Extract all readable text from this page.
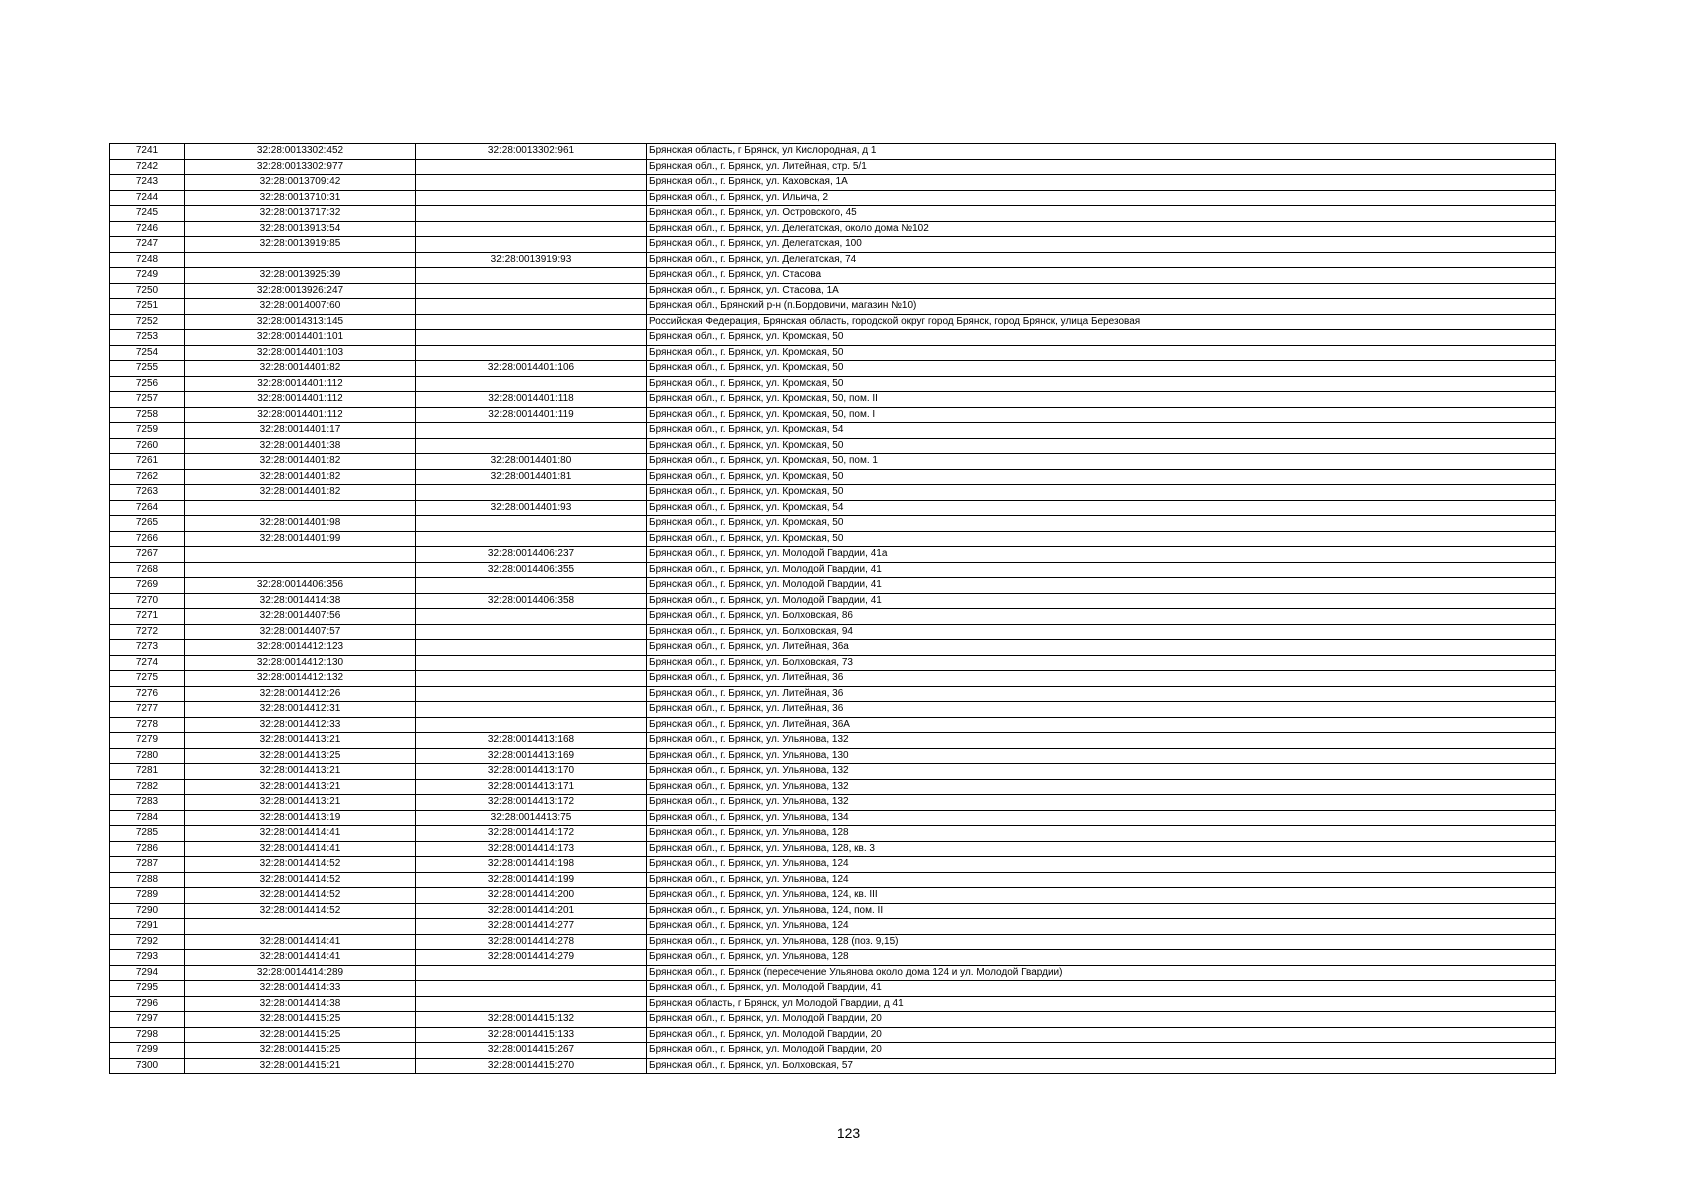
7241	32:28:0013302:452	32:28:0013302:961	Брянская область, г Брянск, ул Кислородная, д 1
7242	32:28:0013302:977		Брянская обл., г. Брянск, ул. Литейная, стр. 5/1
7243	32:28:0013709:42		Брянская обл., г. Брянск, ул. Каховская, 1А
7244	32:28:0013710:31		Брянская обл., г. Брянск, ул. Ильича, 2
7245	32:28:0013717:32		Брянская обл., г. Брянск, ул. Островского, 45
7246	32:28:0013913:54		Брянская обл., г. Брянск, ул. Делегатская, около дома №102
7247	32:28:0013919:85		Брянская обл., г. Брянск, ул. Делегатская, 100
7248		32:28:0013919:93	Брянская обл., г. Брянск, ул. Делегатская, 74
7249	32:28:0013925:39		Брянская обл., г. Брянск, ул. Стасова
7250	32:28:0013926:247		Брянская обл., г. Брянск, ул. Стасова, 1А
7251	32:28:0014007:60		Брянская обл., Брянский р-н (п.Бордовичи, магазин №10)
7252	32:28:0014313:145		Российская Федерация, Брянская область, городской округ город Брянск, город Брянск, улица Березовая
7253	32:28:0014401:101		Брянская обл., г. Брянск, ул. Кромская, 50
7254	32:28:0014401:103		Брянская обл., г. Брянск, ул. Кромская, 50
7255	32:28:0014401:82	32:28:0014401:106	Брянская обл., г. Брянск, ул. Кромская, 50
7256	32:28:0014401:112		Брянская обл., г. Брянск, ул. Кромская, 50
7257	32:28:0014401:112	32:28:0014401:118	Брянская обл., г. Брянск, ул. Кромская, 50, пом. II
7258	32:28:0014401:112	32:28:0014401:119	Брянская обл., г. Брянск, ул. Кромская, 50, пом. I
7259	32:28:0014401:17		Брянская обл., г. Брянск, ул. Кромская, 54
7260	32:28:0014401:38		Брянская обл., г. Брянск, ул. Кромская, 50
7261	32:28:0014401:82	32:28:0014401:80	Брянская обл., г. Брянск, ул. Кромская, 50, пом. 1
7262	32:28:0014401:82	32:28:0014401:81	Брянская обл., г. Брянск, ул. Кромская, 50
7263	32:28:0014401:82		Брянская обл., г. Брянск, ул. Кромская, 50
7264		32:28:0014401:93	Брянская обл., г. Брянск, ул. Кромская, 54
7265	32:28:0014401:98		Брянская обл., г. Брянск, ул. Кромская, 50
7266	32:28:0014401:99		Брянская обл., г. Брянск, ул. Кромская, 50
7267		32:28:0014406:237	Брянская обл., г. Брянск, ул. Молодой Гвардии, 41а
7268		32:28:0014406:355	Брянская обл., г. Брянск, ул. Молодой Гвардии, 41
7269	32:28:0014406:356		Брянская обл., г. Брянск, ул. Молодой Гвардии, 41
7270	32:28:0014414:38	32:28:0014406:358	Брянская обл., г. Брянск, ул. Молодой Гвардии, 41
7271	32:28:0014407:56		Брянская обл., г. Брянск, ул. Болховская, 86
7272	32:28:0014407:57		Брянская обл., г. Брянск, ул. Болховская, 94
7273	32:28:0014412:123		Брянская обл., г. Брянск, ул. Литейная, 36а
7274	32:28:0014412:130		Брянская обл., г. Брянск, ул. Болховская, 73
7275	32:28:0014412:132		Брянская обл., г. Брянск, ул. Литейная, 36
7276	32:28:0014412:26		Брянская обл., г. Брянск, ул. Литейная, 36
7277	32:28:0014412:31		Брянская обл., г. Брянск, ул. Литейная, 36
7278	32:28:0014412:33		Брянская обл., г. Брянск, ул. Литейная, 36А
7279	32:28:0014413:21	32:28:0014413:168	Брянская обл., г. Брянск, ул. Ульянова, 132
7280	32:28:0014413:25	32:28:0014413:169	Брянская обл., г. Брянск, ул. Ульянова, 130
7281	32:28:0014413:21	32:28:0014413:170	Брянская обл., г. Брянск, ул. Ульянова, 132
7282	32:28:0014413:21	32:28:0014413:171	Брянская обл., г. Брянск, ул. Ульянова, 132
7283	32:28:0014413:21	32:28:0014413:172	Брянская обл., г. Брянск, ул. Ульянова, 132
7284	32:28:0014413:19	32:28:0014413:75	Брянская обл., г. Брянск, ул. Ульянова, 134
7285	32:28:0014414:41	32:28:0014414:172	Брянская обл., г. Брянск, ул. Ульянова, 128
7286	32:28:0014414:41	32:28:0014414:173	Брянская обл., г. Брянск, ул. Ульянова, 128, кв. 3
7287	32:28:0014414:52	32:28:0014414:198	Брянская обл., г. Брянск, ул. Ульянова, 124
7288	32:28:0014414:52	32:28:0014414:199	Брянская обл., г. Брянск, ул. Ульянова, 124
7289	32:28:0014414:52	32:28:0014414:200	Брянская обл., г. Брянск, ул. Ульянова, 124, кв. III
7290	32:28:0014414:52	32:28:0014414:201	Брянская обл., г. Брянск, ул. Ульянова, 124, пом. II
7291		32:28:0014414:277	Брянская обл., г. Брянск, ул. Ульянова, 124
7292	32:28:0014414:41	32:28:0014414:278	Брянская обл., г. Брянск, ул. Ульянова, 128 (поз. 9,15)
7293	32:28:0014414:41	32:28:0014414:279	Брянская обл., г. Брянск, ул. Ульянова, 128
7294	32:28:0014414:289		Брянская обл., г. Брянск (пересечение Ульянова около дома 124 и ул. Молодой Гвардии)
7295	32:28:0014414:33		Брянская обл., г. Брянск, ул. Молодой Гвардии, 41
7296	32:28:0014414:38		Брянская область, г Брянск, ул Молодой Гвардии, д 41
7297	32:28:0014415:25	32:28:0014415:132	Брянская обл., г. Брянск, ул. Молодой Гвардии, 20
7298	32:28:0014415:25	32:28:0014415:133	Брянская обл., г. Брянск, ул. Молодой Гвардии, 20
7299	32:28:0014415:25	32:28:0014415:267	Брянская обл., г. Брянск, ул. Молодой Гвардии, 20
7300	32:28:0014415:21	32:28:0014415:270	Брянская обл., г. Брянск, ул. Болховская, 57
123
